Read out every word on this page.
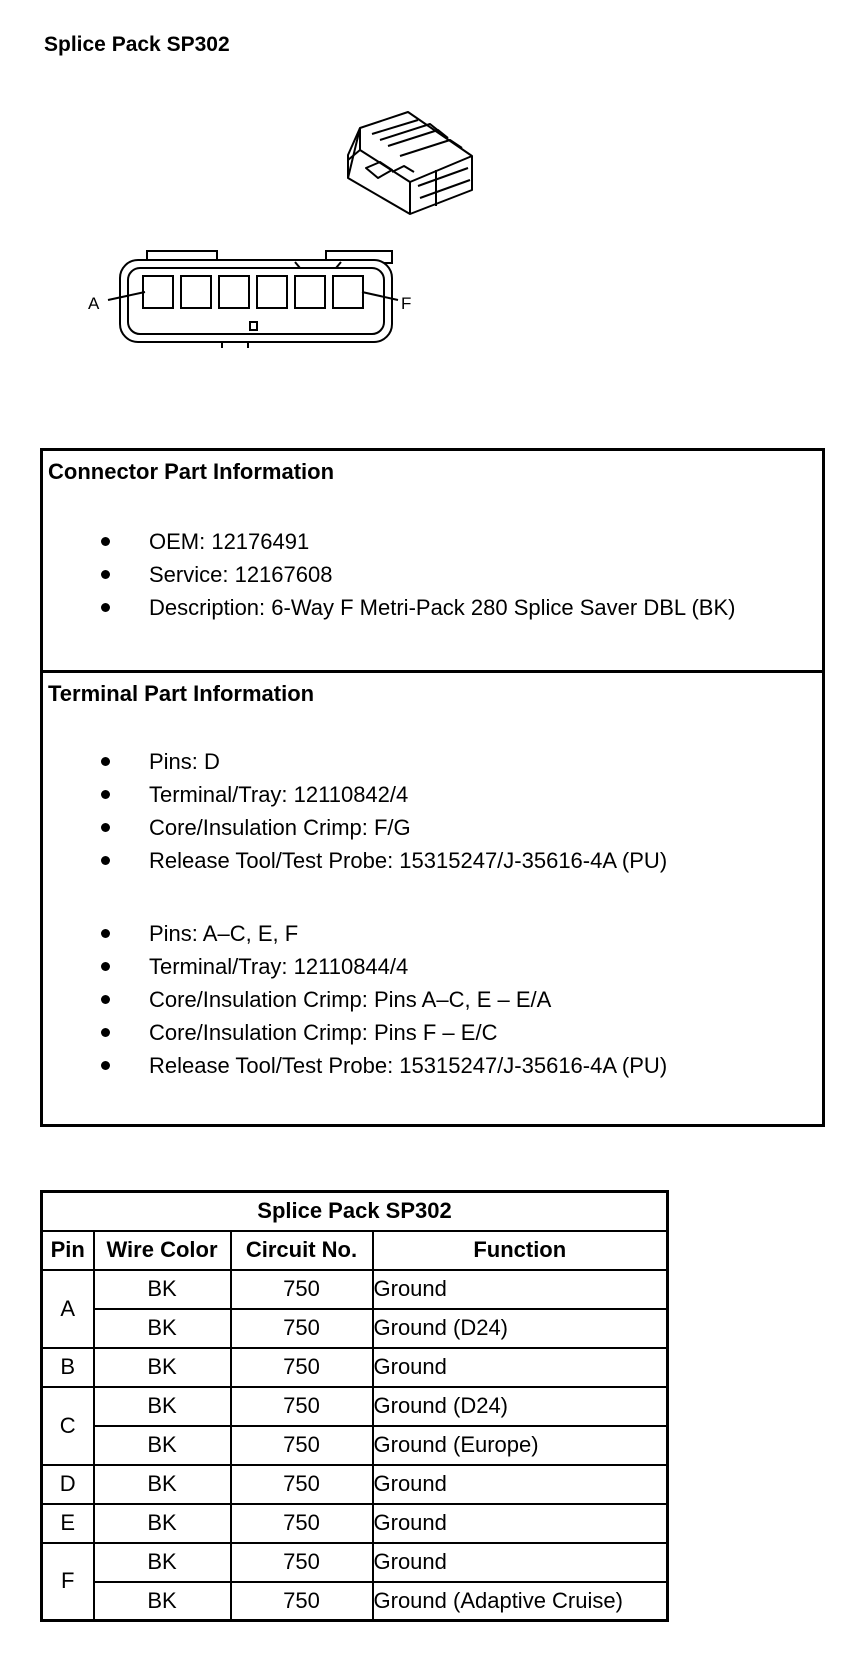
Splice Pack SP302
A	F
Connector Part Information
OEM: 12176491
Service: 12167608
Description: 6-Way F Metri-Pack 280 Splice Saver DBL (BK)
Terminal Part Information
Pins: D
Terminal/Tray: 12110842/4
Core/Insulation Crimp: F/G
Release Tool/Test Probe: 15315247/J-35616-4A (PU)
Pins: A–C, E, F
Terminal/Tray: 12110844/4
Core/Insulation Crimp: Pins A–C, E – E/A
Core/Insulation Crimp: Pins F – E/C
Release Tool/Test Probe: 15315247/J-35616-4A (PU)
Splice Pack SP302			
Pin	Wire Color	Circuit No.	Function
A	BK	750	Ground
	BK	750	Ground (D24)
B	BK	750	Ground
C	BK	750	Ground (D24)
	BK	750	Ground (Europe)
D	BK	750	Ground
E	BK	750	Ground
F	BK	750	Ground
	BK	750	Ground (Adaptive Cruise)
